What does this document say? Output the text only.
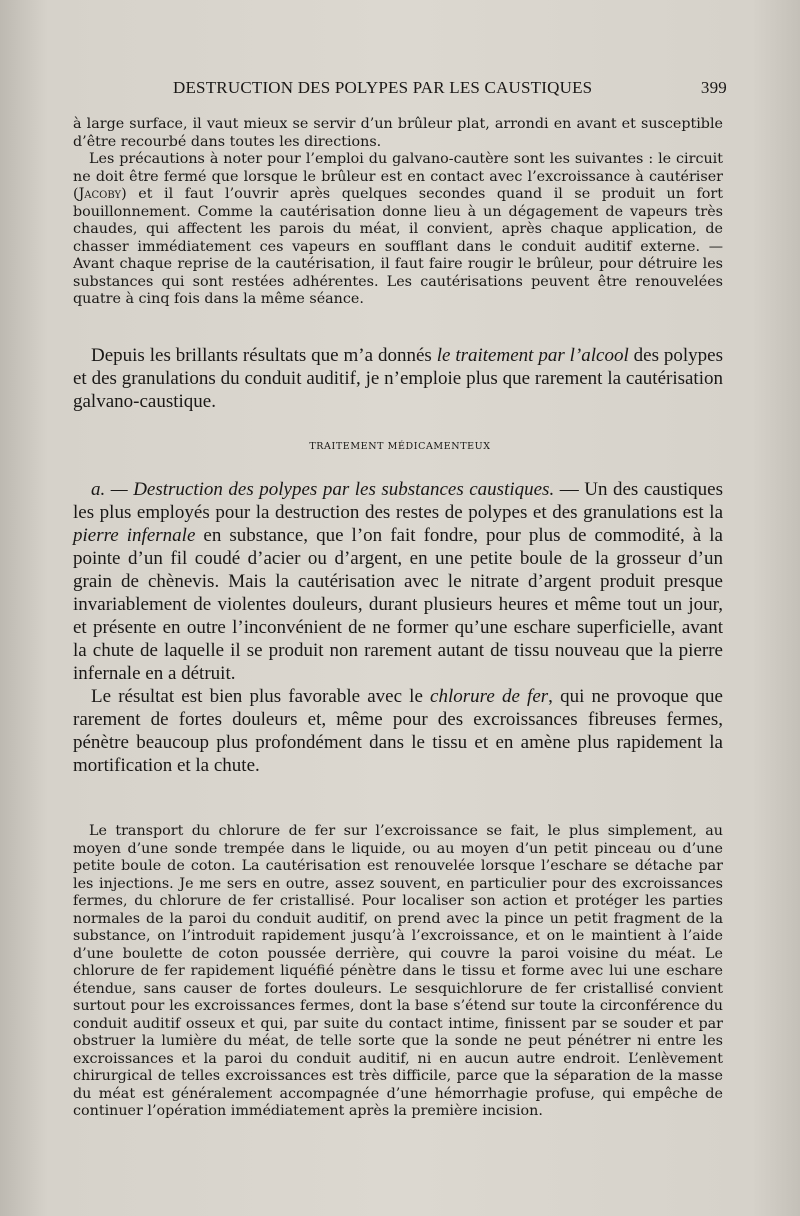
DESTRUCTION DES POLYPES PAR LES CAUSTIQUES	399

à large surface, il vaut mieux se servir d’un brûleur plat, arrondi en avant et susceptible d’être recourbé dans toutes les directions.

Les précautions à noter pour l’emploi du galvano-cautère sont les suivantes : le circuit ne doit être fermé que lorsque le brûleur est en contact avec l’excroissance à cautériser (Jacoby) et il faut l’ouvrir après quelques secondes quand il se produit un fort bouillonnement. Comme la cautérisation donne lieu à un dégagement de vapeurs très chaudes, qui affectent les parois du méat, il convient, après chaque application, de chasser immédiatement ces vapeurs en soufflant dans le conduit auditif externe. — Avant chaque reprise de la cautérisation, il faut faire rougir le brûleur, pour détruire les substances qui sont restées adhérentes. Les cautérisations peuvent être renouvelées quatre à cinq fois dans la même séance.

Depuis les brillants résultats que m’a donnés le traitement par l’alcool des polypes et des granulations du conduit auditif, je n’emploie plus que rarement la cautérisation galvano-caustique.

TRAITEMENT MÉDICAMENTEUX

a. — Destruction des polypes par les substances caustiques. — Un des caustiques les plus employés pour la destruction des restes de polypes et des granulations est la pierre infernale en substance, que l’on fait fondre, pour plus de commodité, à la pointe d’un fil coudé d’acier ou d’argent, en une petite boule de la grosseur d’un grain de chènevis. Mais la cautérisation avec le nitrate d’argent produit presque invariablement de violentes douleurs, durant plusieurs heures et même tout un jour, et présente en outre l’inconvénient de ne former qu’une eschare superficielle, avant la chute de laquelle il se produit non rarement autant de tissu nouveau que la pierre infernale en a détruit.

Le résultat est bien plus favorable avec le chlorure de fer, qui ne provoque que rarement de fortes douleurs et, même pour des excroissances fibreuses fermes, pénètre beaucoup plus profondément dans le tissu et en amène plus rapidement la mortification et la chute.

Le transport du chlorure de fer sur l’excroissance se fait, le plus simplement, au moyen d’une sonde trempée dans le liquide, ou au moyen d’un petit pinceau ou d’une petite boule de coton. La cautérisation est renouvelée lorsque l’eschare se détache par les injections. Je me sers en outre, assez souvent, en particulier pour des excroissances fermes, du chlorure de fer cristallisé. Pour localiser son action et protéger les parties normales de la paroi du conduit auditif, on prend avec la pince un petit fragment de la substance, on l’introduit rapidement jusqu’à l’excroissance, et on le maintient à l’aide d’une boulette de coton poussée derrière, qui couvre la paroi voisine du méat. Le chlorure de fer rapidement liquéfié pénètre dans le tissu et forme avec lui une eschare étendue, sans causer de fortes douleurs. Le sesquichlorure de fer cristallisé convient surtout pour les excroissances fermes, dont la base s’étend sur toute la circonférence du conduit auditif osseux et qui, par suite du contact intime, finissent par se souder et par obstruer la lumière du méat, de telle sorte que la sonde ne peut pénétrer ni entre les excroissances et la paroi du conduit auditif, ni en aucun autre endroit. L’enlèvement chirurgical de telles excroissances est très difficile, parce que la séparation de la masse du méat est généralement accompagnée d’une hémorrhagie profuse, qui empêche de continuer l’opération immédiatement après la première incision.
